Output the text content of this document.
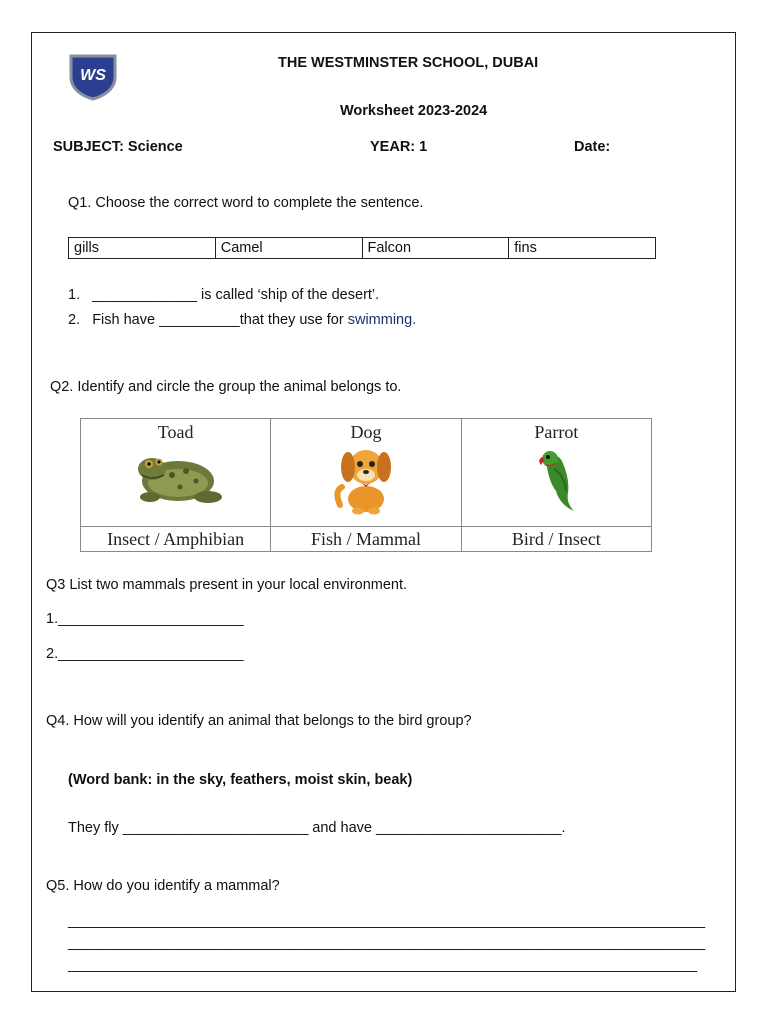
WS
THE WESTMINSTER SCHOOL, DUBAI
Worksheet 2023-2024
SUBJECT: Science	YEAR: 1	Date:
Q1. Choose the correct word to complete the sentence.
gills	Camel	Falcon	fins
1. _____________ is called ‘ship of the desert’.
2. Fish have __________that they use for swimming.
Q2. Identify and circle the group the animal belongs to.
Toad	Dog	Parrot

Insect / Amphibian	Fish / Mammal	Bird / Insect
Q3 List two mammals present in your local environment.
1._______________________
2._______________________
Q4. How will you identify an animal that belongs to the bird group?
(Word bank: in the sky, feathers, moist skin, beak)
They fly _______________________ and have _______________________.
Q5. How do you identify a mammal?
_______________________________________________________________________________
_______________________________________________________________________________
______________________________________________________________________________
